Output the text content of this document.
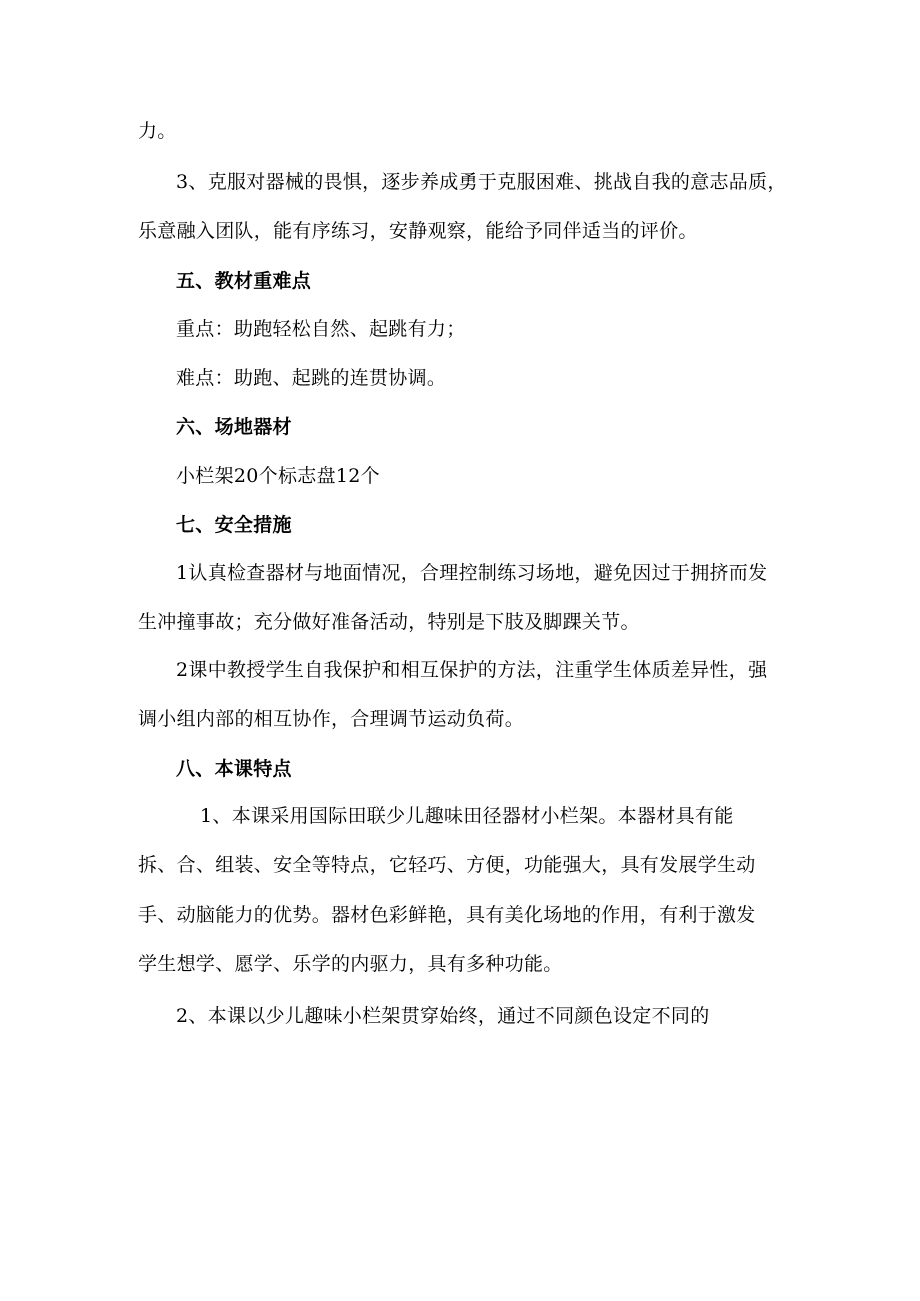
力。
3、克服对器械的畏惧，逐步养成勇于克服困难、挑战自我的意志品质，
乐意融入团队，能有序练习，安静观察，能给予同伴适当的评价。
五、教材重难点
重点：助跑轻松自然、起跳有力；
难点：助跑、起跳的连贯协调。
六、场地器材
小栏架20个标志盘12个
七、安全措施
1认真检查器材与地面情况，合理控制练习场地，避免因过于拥挤而发
生冲撞事故；充分做好准备活动，特别是下肢及脚踝关节。
2课中教授学生自我保护和相互保护的方法，注重学生体质差异性，强
调小组内部的相互协作，合理调节运动负荷。
八、本课特点
1、本课采用国际田联少儿趣味田径器材小栏架。本器材具有能
拆、合、组装、安全等特点，它轻巧、方便，功能强大，具有发展学生动
手、动脑能力的优势。器材色彩鲜艳，具有美化场地的作用，有利于激发
学生想学、愿学、乐学的内驱力，具有多种功能。
2、本课以少儿趣味小栏架贯穿始终，通过不同颜色设定不同的
